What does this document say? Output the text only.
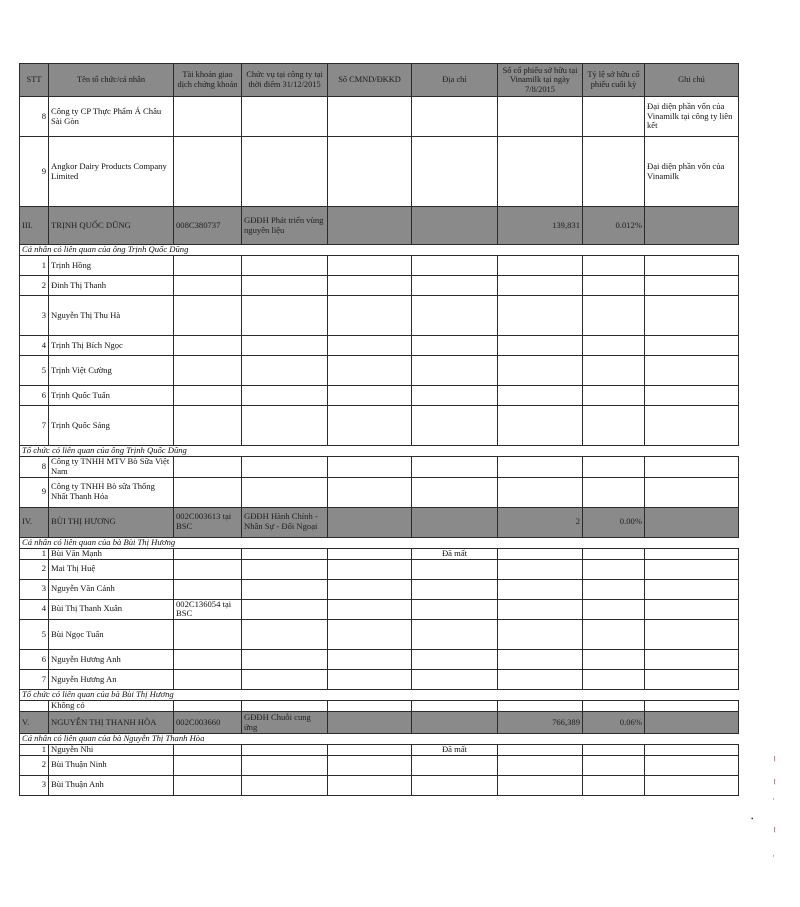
STT	Tên tổ chức/cá nhân	Tài khoản giao dịch chứng khoán	Chức vụ tại công ty tại thời điểm 31/12/2015	Số CMND/ĐKKD	Địa chỉ	Số cổ phiếu sở hữu tại Vinamilk tại ngày 7/8/2015	Tỷ lệ sở hữu cổ phiếu cuối kỳ	Ghi chú
8	Công ty CP Thực Phẩm Á Châu Sài Gòn							Đại diện phần vốn của Vinamilk tại công ty liên kết
9	Angkor Dairy Products Company Limited							Đại diện phần vốn của Vinamilk
III.	TRỊNH QUỐC DŨNG	008C380737	GĐĐH Phát triển vùng nguyên liệu			139,831	0.012%	
Cá nhân có liên quan của ông Trịnh Quốc Dũng								
1	Trịnh Hồng							
2	Đinh Thị Thanh							
3	Nguyễn Thị Thu Hà							
4	Trịnh Thị Bích Ngọc							
5	Trịnh Việt Cường							
6	Trịnh Quốc Tuấn							
7	Trịnh Quốc Sáng							
Tổ chức có liên quan của ông Trịnh Quốc Dũng								
8	Công ty TNHH MTV Bò Sữa Việt Nam							
9	Công ty TNHH Bò sữa Thống Nhất Thanh Hóa							
IV.	BÙI THỊ HƯƠNG	002C003613 tại BSC	GĐĐH Hành Chính - Nhân Sự - Đối Ngoại			2	0.00%	
Cá nhân có liên quan của bà Bùi Thị Hương								
1	Bùi Văn Mạnh				Đã mất			
2	Mai Thị Huệ							
3	Nguyễn Văn Cảnh							
4	Bùi Thị Thanh Xuân	002C136054 tại BSC						
5	Bùi Ngọc Tuấn							
6	Nguyễn Hương Anh							
7	Nguyễn Hương An							
Tổ chức có liên quan của bà Bùi Thị Hương								
	Không có							
V.	NGUYỄN THỊ THANH HÒA	002C003660	GĐĐH Chuỗi cung ứng			766,389	0.06%	
Cá nhân có liên quan của bà Nguyễn Thị Thanh Hòa								
1	Nguyễn Nhi				Đã mất			
2	Bùi Thuận Ninh							
3	Bùi Thuận Anh							
╷
╷
·
╷
·
•
